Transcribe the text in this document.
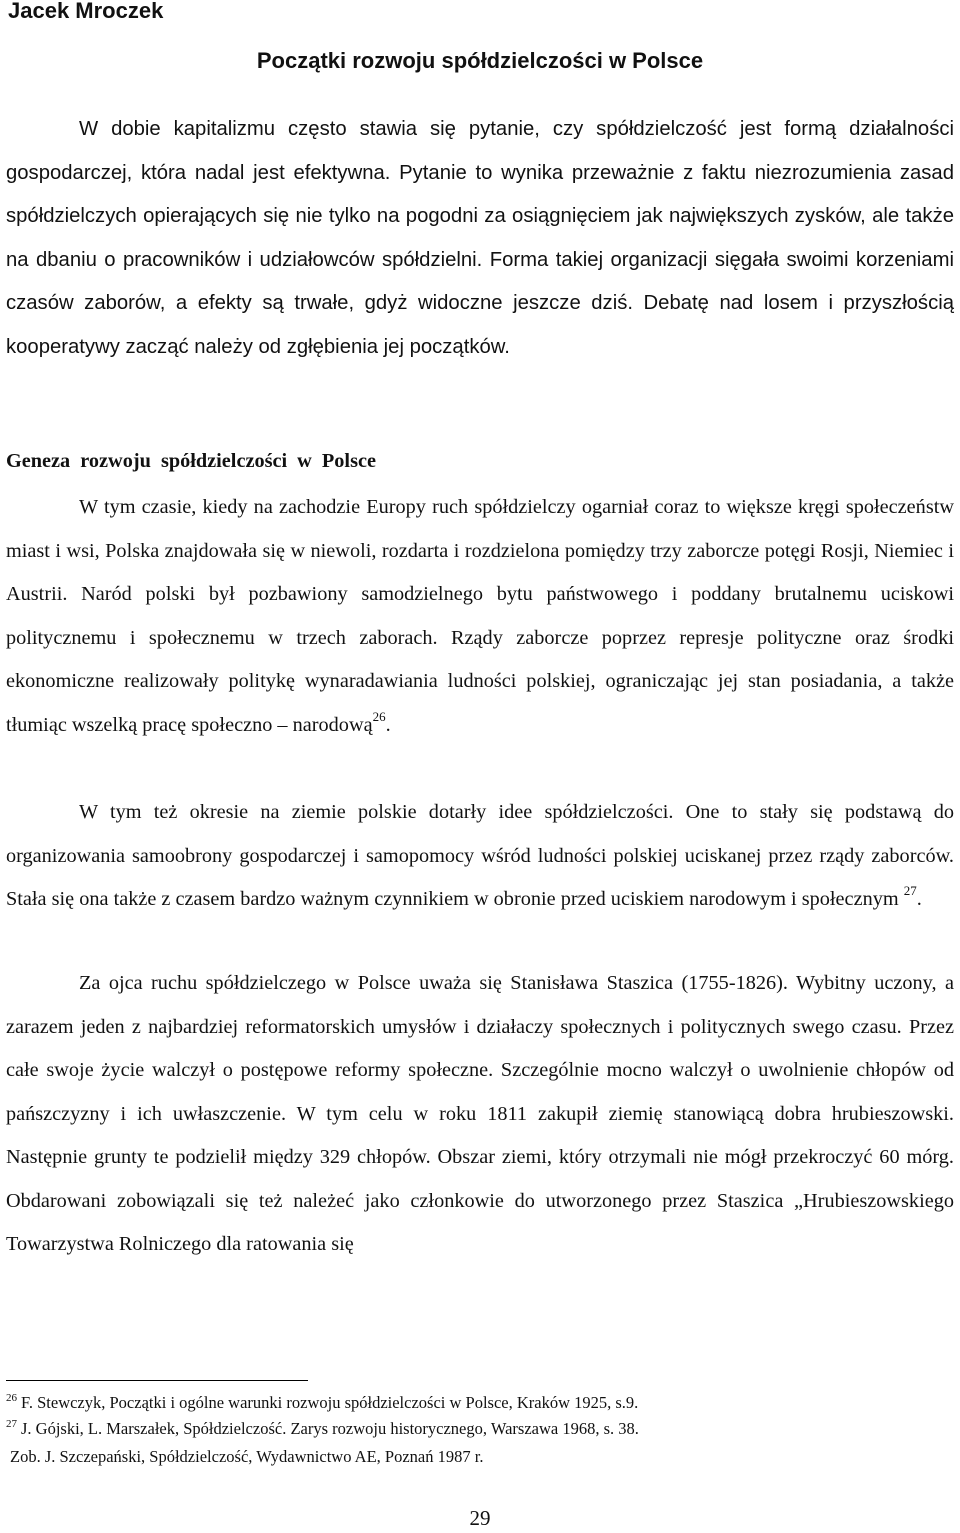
Jacek Mroczek
Początki rozwoju spółdzielczości w Polsce

W dobie kapitalizmu często stawia się pytanie, czy spółdzielczość jest formą działalności gospodarczej, która nadal jest efektywna. Pytanie to wynika przeważnie z faktu niezrozumienia zasad spółdzielczych opierających się nie tylko na pogodni za osiągnięciem jak największych zysków, ale także na dbaniu o pracowników i udziałowców spółdzielni. Forma takiej organizacji sięgała swoimi korzeniami czasów zaborów, a efekty są trwałe, gdyż widoczne jeszcze dziś. Debatę nad losem i przyszłością kooperatywy zacząć należy od zgłębienia jej początków.

Geneza rozwoju spółdzielczości w Polsce

W tym czasie, kiedy na zachodzie Europy ruch spółdzielczy ogarniał coraz to większe kręgi społeczeństw miast i wsi, Polska znajdowała się w niewoli, rozdarta i rozdzielona pomiędzy trzy zaborcze potęgi Rosji, Niemiec i Austrii. Naród polski był pozbawiony samodzielnego bytu państwowego i poddany brutalnemu uciskowi politycznemu i społecznemu w trzech zaborach. Rządy zaborcze poprzez represje polityczne oraz środki ekonomiczne realizowały politykę wynaradawiania ludności polskiej, ograniczając jej stan posiadania, a także tłumiąc wszelką pracę społeczno – narodową$^{26}$.

W tym też okresie na ziemie polskie dotarły idee spółdzielczości. One to stały się podstawą do organizowania samoobrony gospodarczej i samopomocy wśród ludności polskiej uciskanej przez rządy zaborców. Stała się ona także z czasem bardzo ważnym czynnikiem w obronie przed uciskiem narodowym i społecznym $^{27}$.

Za ojca ruchu spółdzielczego w Polsce uważa się Stanisława Staszica (1755-1826). Wybitny uczony, a zarazem jeden z najbardziej reformatorskich umysłów i działaczy społecznych i politycznych swego czasu. Przez całe swoje życie walczył o postępowe reformy społeczne. Szczególnie mocno walczył o uwolnienie chłopów od pańszczyzny i ich uwłaszczenie. W tym celu w roku 1811 zakupił ziemię stanowiącą dobra hrubieszowski. Następnie grunty te podzielił między 329 chłopów. Obszar ziemi, który otrzymali nie mógł przekroczyć 60 mórg. Obdarowani zobowiązali się też należeć jako członkowie do utworzonego przez Staszica „Hrubieszowskiego Towarzystwa Rolniczego dla ratowania się

$^{26}$ F. Stewczyk, Początki i ogólne warunki rozwoju spółdzielczości w Polsce, Kraków 1925, s.9.

$^{27}$ J. Gójski, L. Marszałek, Spółdzielczość. Zarys rozwoju historycznego, Warszawa 1968, s. 38.

Zob. J. Szczepański, Spółdzielczość, Wydawnictwo AE, Poznań 1987 r.

29
